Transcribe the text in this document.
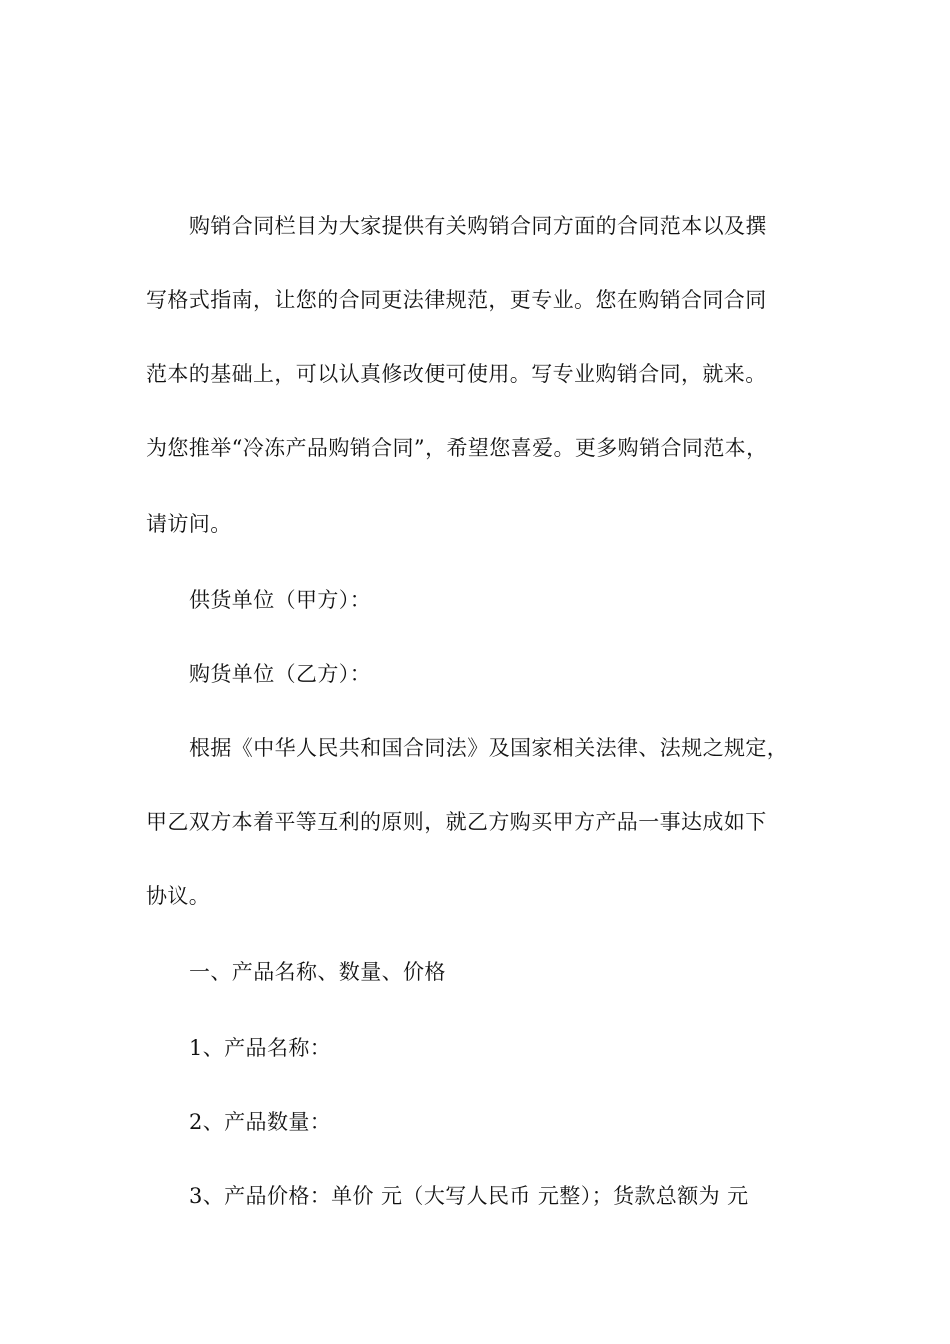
购销合同栏目为大家提供有关购销合同方面的合同范本以及撰
写格式指南，让您的合同更法律规范，更专业。您在购销合同合同
范本的基础上，可以认真修改便可使用。写专业购销合同，就来。
为您推举“冷冻产品购销合同”，希望您喜爱。更多购销合同范本，
请访问。
供货单位（甲方）：
购货单位（乙方）：
根据《中华人民共和国合同法》及国家相关法律、法规之规定，
甲乙双方本着平等互利的原则，就乙方购买甲方产品一事达成如下
协议。
一、产品名称、数量、价格
1、产品名称：
2、产品数量：
3、产品价格：单价 元（大写人民币 元整）；货款总额为 元
